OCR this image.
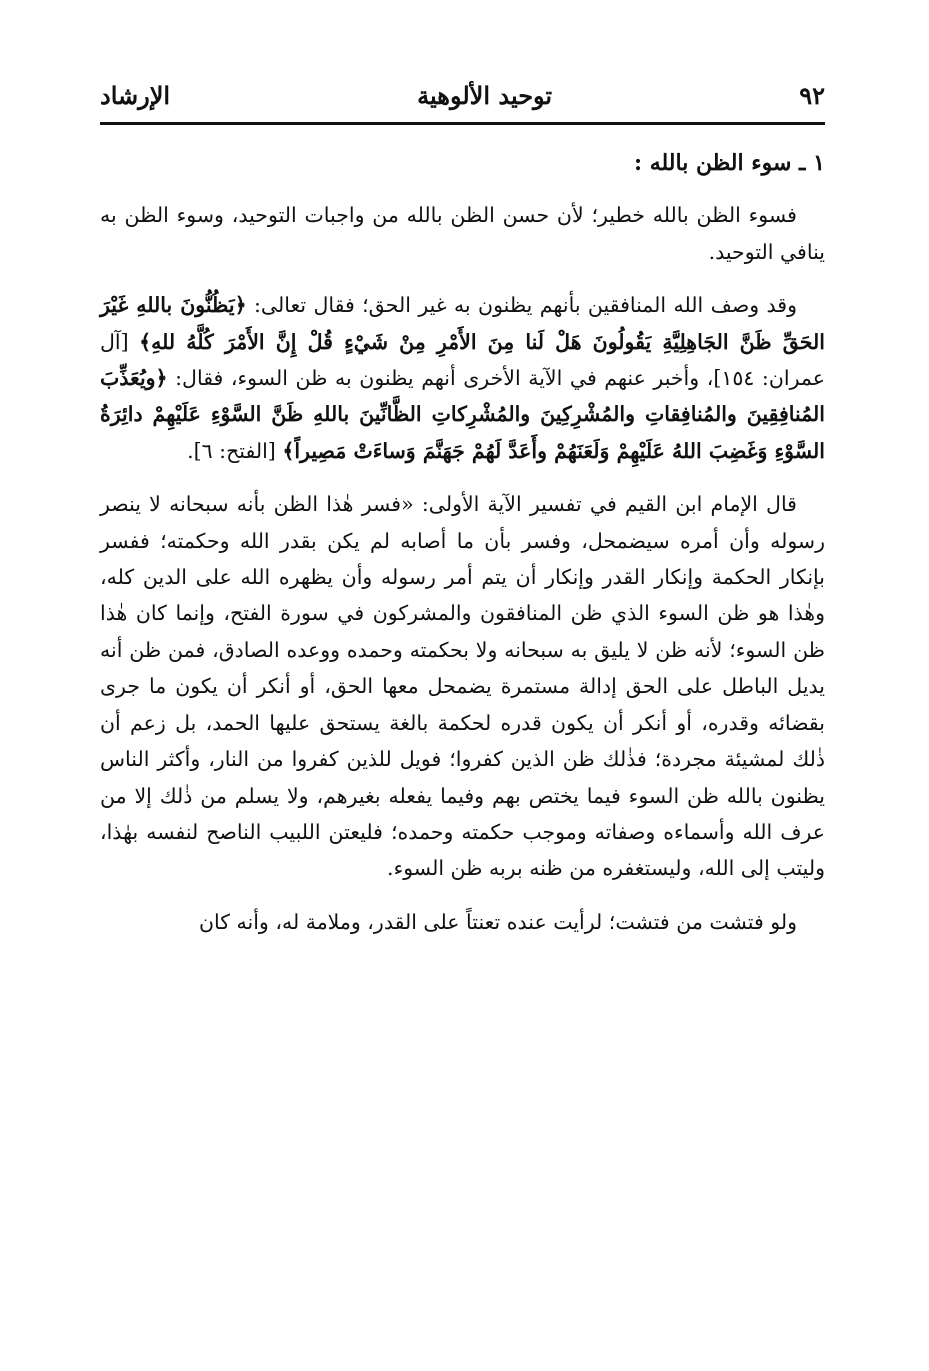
٩٢
توحيد الألوهية
الإرشاد

١ ـ سوء الظن بالله :

فسوء الظن بالله خطير؛ لأن حسن الظن بالله من واجبات التوحيد، وسوء الظن به ينافي التوحيد.

وقد وصف الله المنافقين بأنهم يظنون به غير الحق؛ فقال تعالى: ﴿يَظُنُّونَ باللهِ غَيْرَ الحَقِّ ظَنَّ الجَاهِلِيَّةِ يَقُولُونَ هَلْ لَنا مِنَ الأَمْرِ مِنْ شَيْءٍ قُلْ إِنَّ الأَمْرَ كُلَّهُ للهِ﴾ [آل عمران: ١٥٤]، وأخبر عنهم في الآية الأخرى أنهم يظنون به ظن السوء، فقال: ﴿ويُعَذِّبَ المُنافِقِينَ والمُنافِقاتِ والمُشْرِكِينَ والمُشْرِكاتِ الظَّانِّينَ باللهِ ظَنَّ السَّوْءِ عَلَيْهِمْ دائِرَةُ السَّوْءِ وَغَضِبَ اللهُ عَلَيْهِمْ وَلَعَنَهُمْ وأَعَدَّ لَهُمْ جَهَنَّمَ وَساءَتْ مَصِيراً﴾ [الفتح: ٦].

قال الإمام ابن القيم في تفسير الآية الأولى: «فسر هٰذا الظن بأنه سبحانه لا ينصر رسوله وأن أمره سيضمحل، وفسر بأن ما أصابه لم يكن بقدر الله وحكمته؛ ففسر بإنكار الحكمة وإنكار القدر وإنكار أن يتم أمر رسوله وأن يظهره الله على الدين كله، وهٰذا هو ظن السوء الذي ظن المنافقون والمشركون في سورة الفتح، وإنما كان هٰذا ظن السوء؛ لأنه ظن لا يليق به سبحانه ولا بحكمته وحمده ووعده الصادق، فمن ظن أنه يديل الباطل على الحق إدالة مستمرة يضمحل معها الحق، أو أنكر أن يكون ما جرى بقضائه وقدره، أو أنكر أن يكون قدره لحكمة بالغة يستحق عليها الحمد، بل زعم أن ذٰلك لمشيئة مجردة؛ فذٰلك ظن الذين كفروا؛ فويل للذين كفروا من النار، وأكثر الناس يظنون بالله ظن السوء فيما يختص بهم وفيما يفعله بغيرهم، ولا يسلم من ذٰلك إلا من عرف الله وأسماءه وصفاته وموجب حكمته وحمده؛ فليعتن اللبيب الناصح لنفسه بهٰذا، وليتب إلى الله، وليستغفره من ظنه بربه ظن السوء.

ولو فتشت من فتشت؛ لرأيت عنده تعنتاً على القدر، وملامة له، وأنه كان
